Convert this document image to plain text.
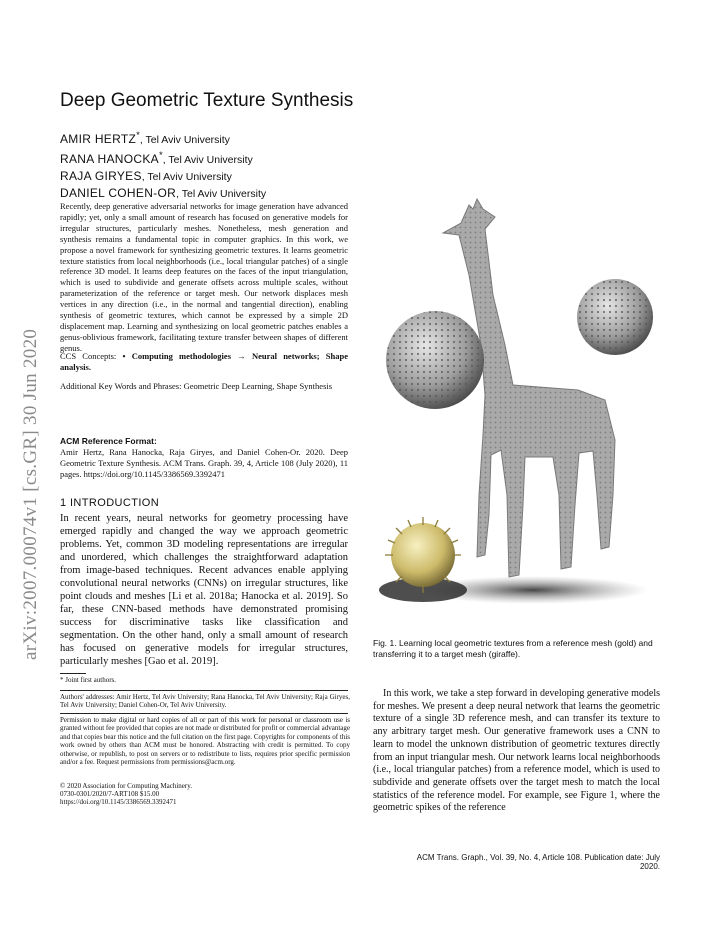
arXiv:2007.00074v1 [cs.GR] 30 Jun 2020
Deep Geometric Texture Synthesis
AMIR HERTZ*, Tel Aviv University
RANA HANOCKA*, Tel Aviv University
RAJA GIRYES, Tel Aviv University
DANIEL COHEN-OR, Tel Aviv University
Recently, deep generative adversarial networks for image generation have advanced rapidly; yet, only a small amount of research has focused on generative models for irregular structures, particularly meshes. Nonetheless, mesh generation and synthesis remains a fundamental topic in computer graphics. In this work, we propose a novel framework for synthesizing geometric textures. It learns geometric texture statistics from local neighborhoods (i.e., local triangular patches) of a single reference 3D model. It learns deep features on the faces of the input triangulation, which is used to subdivide and generate offsets across multiple scales, without parameterization of the reference or target mesh. Our network displaces mesh vertices in any direction (i.e., in the normal and tangential direction), enabling synthesis of geometric textures, which cannot be expressed by a simple 2D displacement map. Learning and synthesizing on local geometric patches enables a genus-oblivious framework, facilitating texture transfer between shapes of different genus.
CCS Concepts: • Computing methodologies → Neural networks; Shape analysis.
Additional Key Words and Phrases: Geometric Deep Learning, Shape Synthesis
ACM Reference Format:
Amir Hertz, Rana Hanocka, Raja Giryes, and Daniel Cohen-Or. 2020. Deep Geometric Texture Synthesis. ACM Trans. Graph. 39, 4, Article 108 (July 2020), 11 pages. https://doi.org/10.1145/3386569.3392471
1 INTRODUCTION
In recent years, neural networks for geometry processing have emerged rapidly and changed the way we approach geometric problems. Yet, common 3D modeling representations are irregular and unordered, which challenges the straightforward adaptation from image-based techniques. Recent advances enable applying convolutional neural networks (CNNs) on irregular structures, like point clouds and meshes [Li et al. 2018a; Hanocka et al. 2019]. So far, these CNN-based methods have demonstrated promising success for discriminative tasks like classification and segmentation. On the other hand, only a small amount of research has focused on generative models for irregular structures, particularly meshes [Gao et al. 2019].
* Joint first authors.
Authors' addresses: Amir Hertz, Tel Aviv University; Rana Hanocka, Tel Aviv University; Raja Giryes, Tel Aviv University; Daniel Cohen-Or, Tel Aviv University.
Permission to make digital or hard copies of all or part of this work for personal or classroom use is granted without fee provided that copies are not made or distributed for profit or commercial advantage and that copies bear this notice and the full citation on the first page. Copyrights for components of this work owned by others than ACM must be honored. Abstracting with credit is permitted. To copy otherwise, or republish, to post on servers or to redistribute to lists, requires prior specific permission and/or a fee. Request permissions from permissions@acm.org.
© 2020 Association for Computing Machinery.
0730-0301/2020/7-ART108 $15.00
https://doi.org/10.1145/3386569.3392471
Fig. 1. Learning local geometric textures from a reference mesh (gold) and transferring it to a target mesh (giraffe).
In this work, we take a step forward in developing generative models for meshes. We present a deep neural network that learns the geometric texture of a single 3D reference mesh, and can transfer its texture to any arbitrary target mesh. Our generative framework uses a CNN to learn to model the unknown distribution of geometric textures directly from an input triangular mesh. Our network learns local neighborhoods (i.e., local triangular patches) from a reference model, which is used to subdivide and generate offsets over the target mesh to match the local statistics of the reference model. For example, see Figure 1, where the geometric spikes of the reference
ACM Trans. Graph., Vol. 39, No. 4, Article 108. Publication date: July 2020.
